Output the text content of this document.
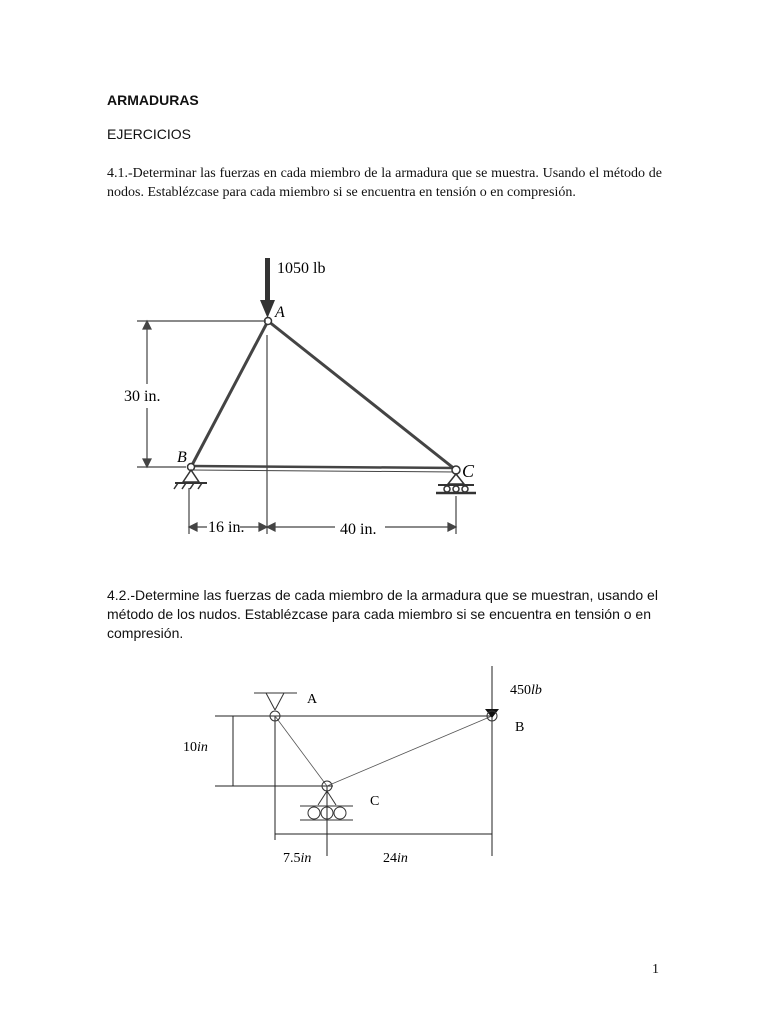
ARMADURAS
EJERCICIOS

4.1.-Determinar las fuerzas en cada miembro de la armadura que se muestra. Usando el método de nodos. Establézcase para cada miembro si se encuentra en tensión o en compresión.

1050 lb
A
B
C
30 in.
16 in.	40 in.

4.2.-Determine las fuerzas de cada miembro de la armadura que se muestran, usando el método de los nudos. Establézcase para cada miembro si se encuentra en tensión o en compresión.

A
B
C
450lb
10in
7.5in	24in
1
